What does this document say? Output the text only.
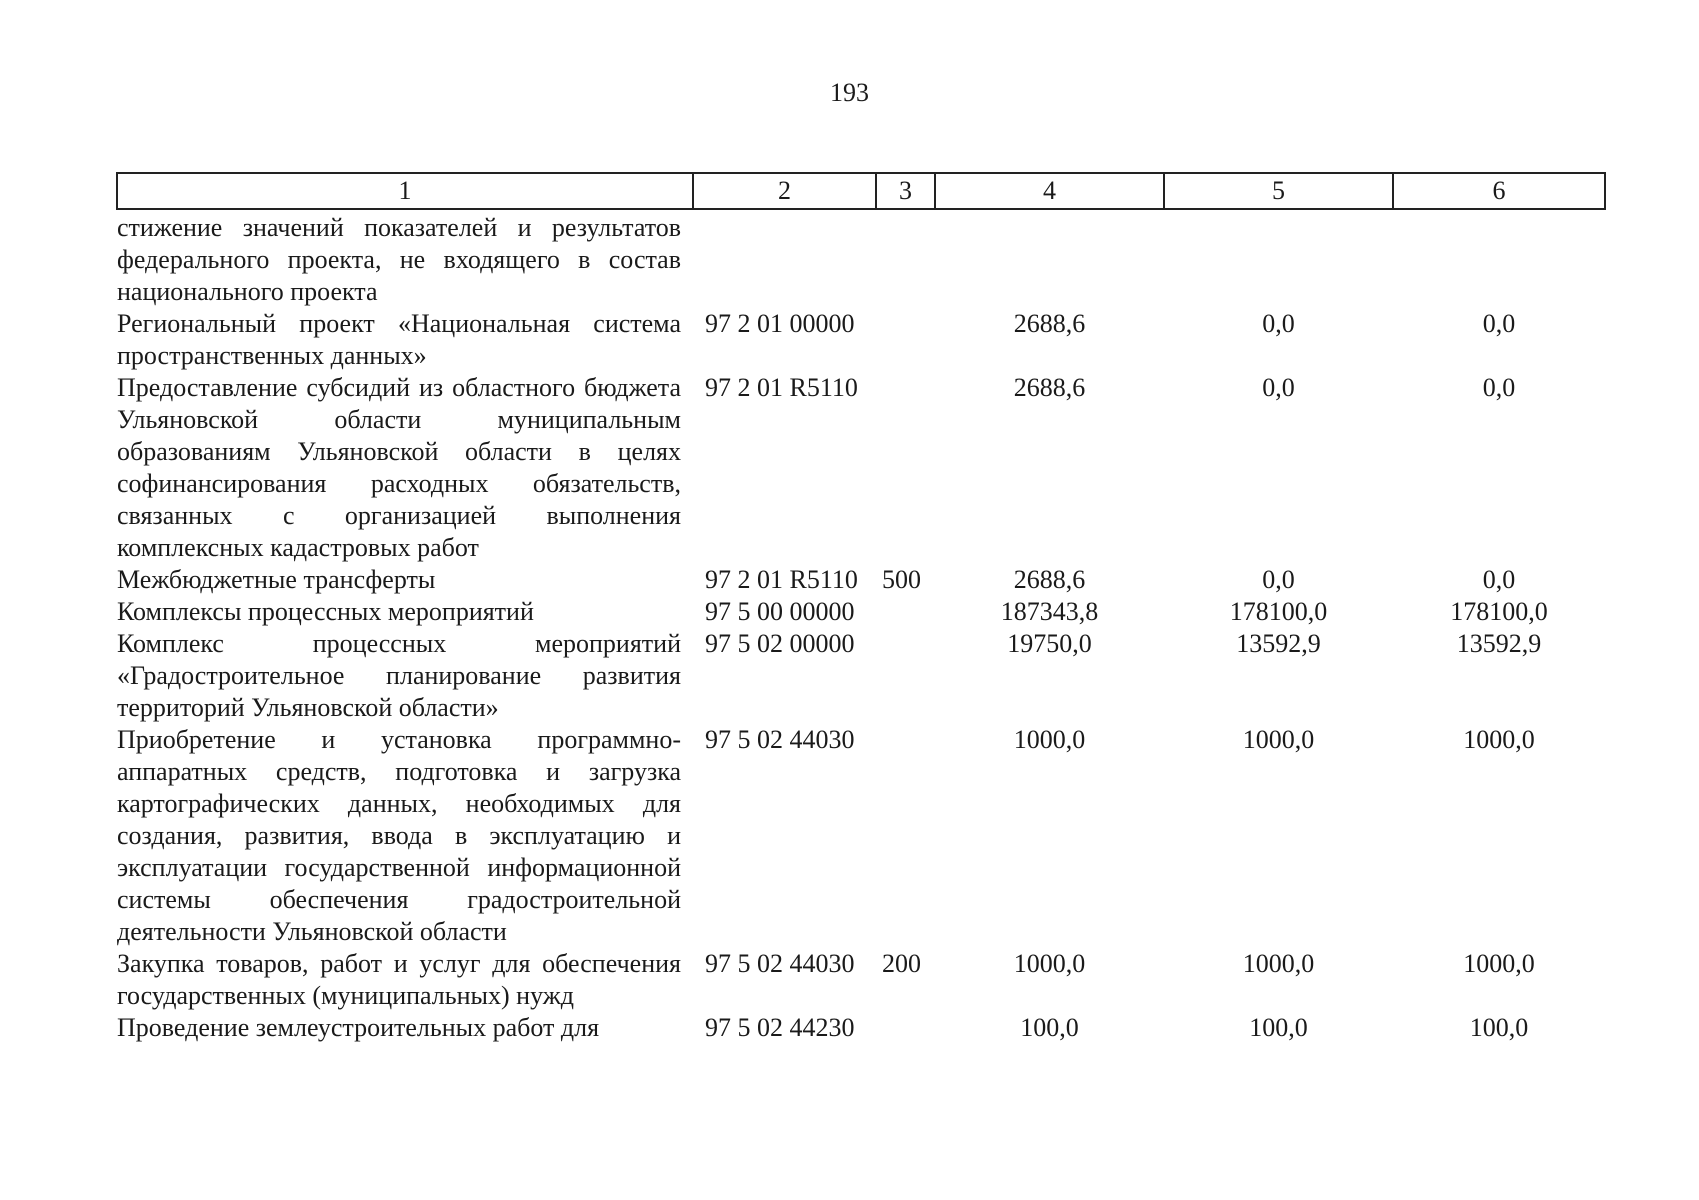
193
1	2	3	4	5	6
стижение значений показателей и результатов федерального проекта, не входящего в состав национального проекта					
Региональный проект «Национальная система пространственных данных»	97 2 01 00000		2688,6	0,0	0,0
Предоставление субсидий из областного бюджета Ульяновской области муниципальным образованиям Ульяновской области в целях софинансирования расходных обязательств, связанных с организацией выполнения комплексных кадастровых работ	97 2 01 R5110		2688,6	0,0	0,0
Межбюджетные трансферты	97 2 01 R5110	500	2688,6	0,0	0,0
Комплексы процессных мероприятий	97 5 00 00000		187343,8	178100,0	178100,0
Комплекс процессных мероприятий «Градостроительное планирование развития территорий Ульяновской области»	97 5 02 00000		19750,0	13592,9	13592,9
Приобретение и установка программно-аппаратных средств, подготовка и загрузка картографических данных, необходимых для создания, развития, ввода в эксплуатацию и эксплуатации государственной информационной системы обеспечения градостроительной деятельности Ульяновской области	97 5 02 44030		1000,0	1000,0	1000,0
Закупка товаров, работ и услуг для обеспечения государственных (муниципальных) нужд	97 5 02 44030	200	1000,0	1000,0	1000,0
Проведение землеустроительных работ для	97 5 02 44230		100,0	100,0	100,0
